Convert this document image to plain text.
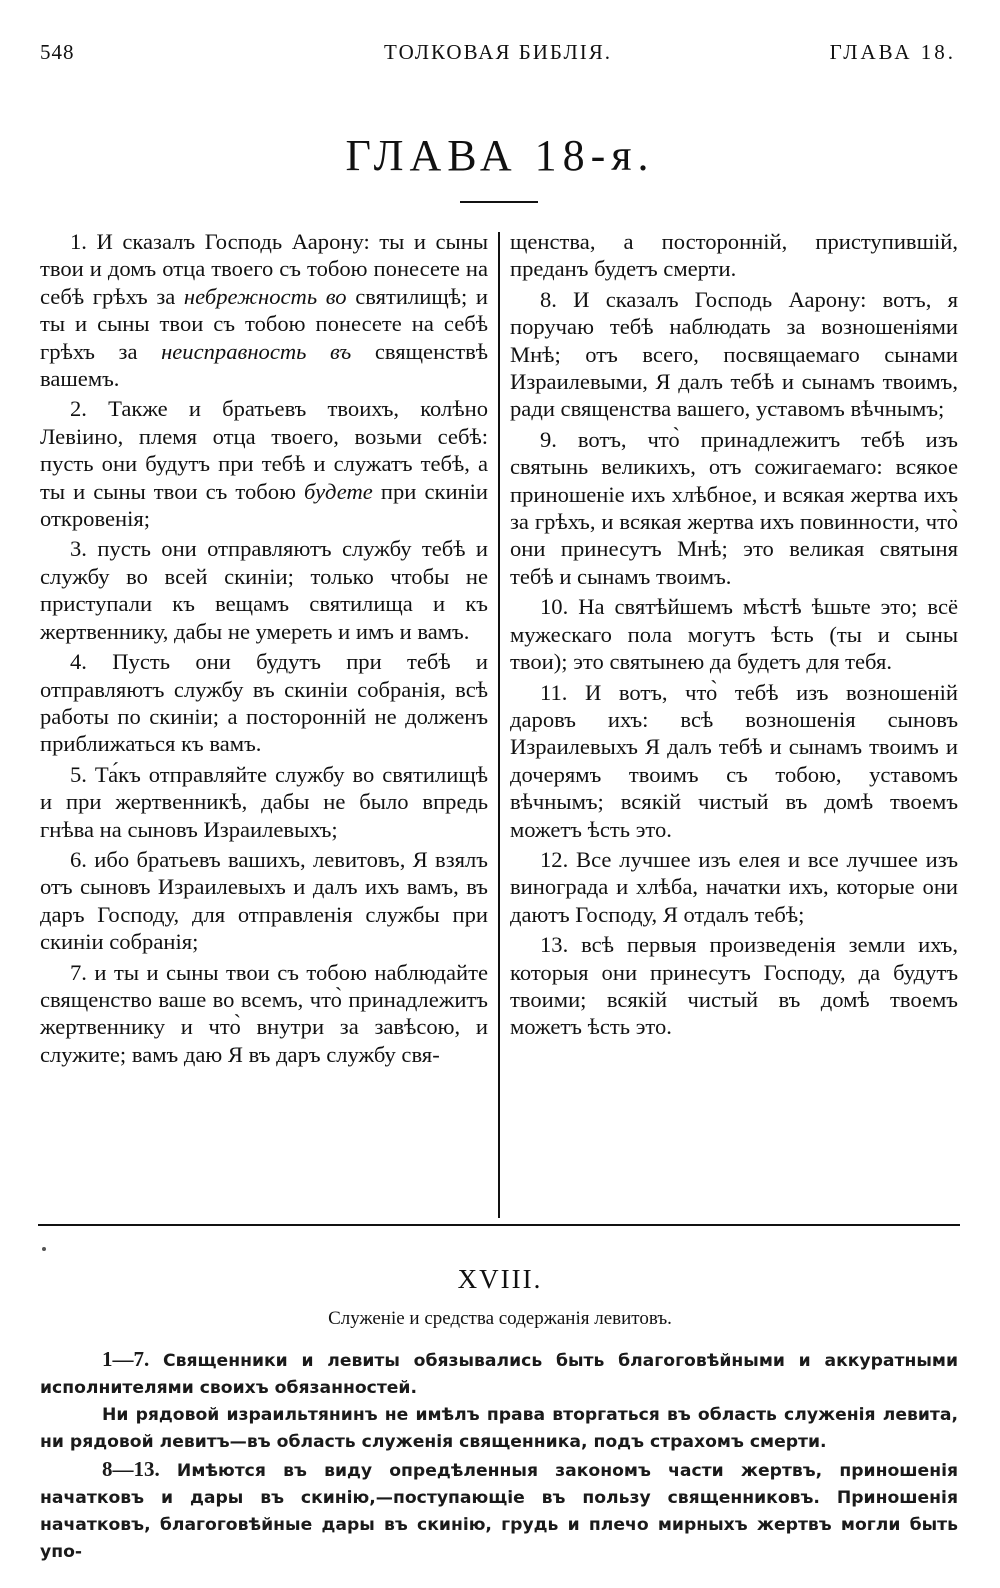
548	ТОЛКОВАЯ БИБЛІЯ.	ГЛАВА 18.
ГЛАВА 18-я.

1. И сказалъ Господь Аарону: ты и сыны твои и домъ отца твоего съ тобою понесете на себѣ грѣхъ за небрежность во святилищѣ; и ты и сыны твои съ тобою понесете на себѣ грѣхъ за неисправность въ священствѣ вашемъ.

2. Также и братьевъ твоихъ, колѣно Левіино, племя отца твоего, возьми себѣ: пусть они будутъ при тебѣ и служатъ тебѣ, а ты и сыны твои съ тобою будете при скиніи откровенія;

3. пусть они отправляютъ службу тебѣ и службу во всей скиніи; только чтобы не приступали къ вещамъ святилища и къ жертвеннику, дабы не умереть и имъ и вамъ.

4. Пусть они будутъ при тебѣ и отправляютъ службу въ скиніи собранія, всѣ работы по скиніи; а посторонній не долженъ приближаться къ вамъ.

5. Та́къ отправляйте службу во святилищѣ и при жертвенникѣ, дабы не было впредь гнѣва на сыновъ Израилевыхъ;

6. ибо братьевъ вашихъ, левитовъ, Я взялъ отъ сыновъ Израилевыхъ и далъ ихъ вамъ, въ даръ Господу, для отправленія службы при скиніи собранія;

7. и ты и сыны твои съ тобою наблюдайте священство ваше во всемъ, что̀ принадлежитъ жертвеннику и что̀ внутри за завѣсою, и служите; вамъ даю Я въ даръ службу свя-

щенства, а посторонній, приступившій, преданъ будетъ смерти.

8. И сказалъ Господь Аарону: вотъ, я поручаю тебѣ наблюдать за возношеніями Мнѣ; отъ всего, посвящаемаго сынами Израилевыми, Я далъ тебѣ и сынамъ твоимъ, ради священства вашего, уставомъ вѣчнымъ;

9. вотъ, что̀ принадлежитъ тебѣ изъ святынь великихъ, отъ сожигаемаго: всякое приношеніе ихъ хлѣбное, и всякая жертва ихъ за грѣхъ, и всякая жертва ихъ повинности, что̀ они принесутъ Мнѣ; это великая святыня тебѣ и сынамъ твоимъ.

10. На святѣйшемъ мѣстѣ ѣшьте это; всё мужескаго пола могутъ ѣсть (ты и сыны твои); это святынею да будетъ для тебя.

11. И вотъ, что̀ тебѣ изъ возношеній даровъ ихъ: всѣ возношенія сыновъ Израилевыхъ Я далъ тебѣ и сынамъ твоимъ и дочерямъ твоимъ съ тобою, уставомъ вѣчнымъ; всякій чистый въ домѣ твоемъ можетъ ѣсть это.

12. Все лучшее изъ елея и все лучшее изъ винограда и хлѣба, начатки ихъ, которые они даютъ Господу, Я отдалъ тебѣ;

13. всѣ первыя произведенія земли ихъ, которыя они принесутъ Господу, да будутъ твоими; всякій чистый въ домѣ твоемъ можетъ ѣсть это.

XVIII.
Служеніе и средства содержанія левитовъ.

1—7. Священники и левиты обязывались быть благоговѣйными и аккуратными исполнителями своихъ обязанностей.

Ни рядовой израильтянинъ не имѣлъ права вторгаться въ область служенія левита, ни рядовой левитъ—въ область служенія священника, подъ страхомъ смерти.

8—13. Имѣются въ виду опредѣленныя закономъ части жертвъ, приношенія начатковъ и дары въ скинію,—поступающіе въ пользу священниковъ. Приношенія начатковъ, благоговѣйные дары въ скинію, грудь и плечо мирныхъ жертвъ могли быть упо-
